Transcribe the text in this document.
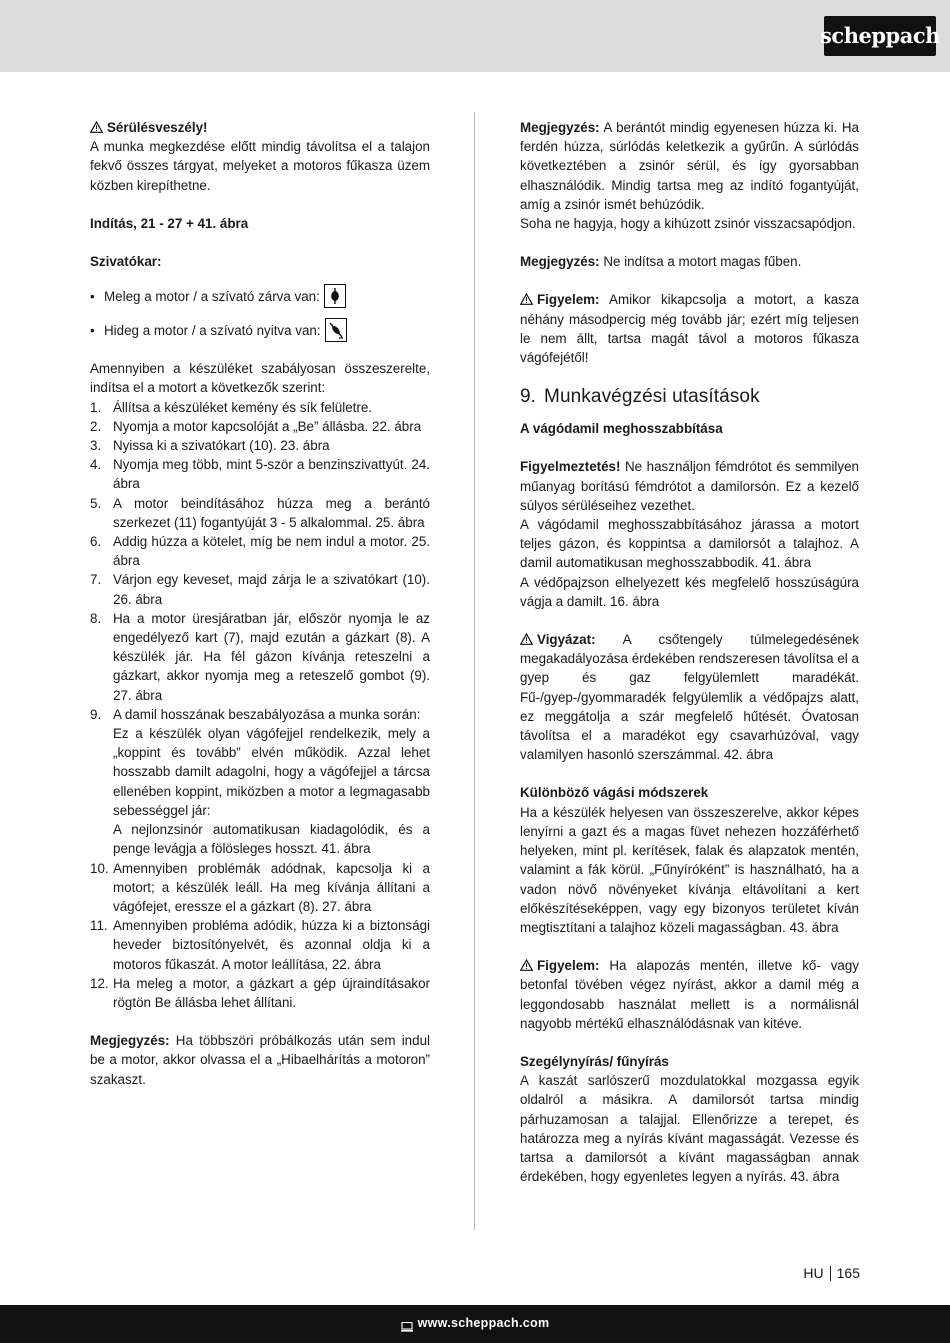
scheppach

Sérülésveszély!
A munka megkezdése előtt mindig távolítsa el a talajon fekvő összes tárgyat, melyeket a motoros fűkasza üzem közben kirepíthetne.

Indítás, 21 - 27 + 41. ábra

Szivatókar:

• Meleg a motor / a szívató zárva van:
• Hideg a motor / a szívató nyitva van:

Amennyiben a készüléket szabályosan összeszerelte, indítsa el a motort a következők szerint:

1. Állítsa a készüléket kemény és sík felületre.
2. Nyomja a motor kapcsolóját a „Be” állásba. 22. ábra
3. Nyissa ki a szivatókart (10). 23. ábra
4. Nyomja meg több, mint 5-ször a benzinszivattyút. 24. ábra
5. A motor beindításához húzza meg a berántó szerkezet (11) fogantyúját 3 - 5 alkalommal. 25. ábra
6. Addig húzza a kötelet, míg be nem indul a motor. 25. ábra
7. Várjon egy keveset, majd zárja le a szivatókart (10). 26. ábra
8. Ha a motor üresjáratban jár, először nyomja le az engedélyező kart (7), majd ezután a gázkart (8). A készülék jár. Ha fél gázon kívánja reteszelni a gázkart, akkor nyomja meg a reteszelő gombot (9). 27. ábra
9. A damil hosszának beszabályozása a munka során:
Ez a készülék olyan vágófejjel rendelkezik, mely a „koppint és tovább” elvén működik. Azzal lehet hosszabb damilt adagolni, hogy a vágófejjel a tárcsa ellenében koppint, miközben a motor a legmagasabb sebességgel jár:
A nejlonzsinór automatikusan kiadagolódik, és a penge levágja a fölösleges hosszt. 41. ábra
10. Amennyiben problémák adódnak, kapcsolja ki a motort; a készülék leáll. Ha meg kívánja állítani a vágófejet, eressze el a gázkart (8). 27. ábra
11. Amennyiben probléma adódik, húzza ki a biztonsági heveder biztosítónyelvét, és azonnal oldja ki a motoros fűkaszát. A motor leállítása, 22. ábra
12. Ha meleg a motor, a gázkart a gép újraindításakor rögtön Be állásba lehet állítani.

Megjegyzés: Ha többszöri próbálkozás után sem indul be a motor, akkor olvassa el a „Hibaelhárítás a motoron” szakaszt.

Megjegyzés: A berántót mindig egyenesen húzza ki. Ha ferdén húzza, súrlódás keletkezik a gyűrűn. A súrlódás következtében a zsinór sérül, és így gyorsabban elhasználódik. Mindig tartsa meg az indító fogantyúját, amíg a zsinór ismét behúzódik.

Soha ne hagyja, hogy a kihúzott zsinór visszacsapódjon.

Megjegyzés: Ne indítsa a motort magas fűben.

Figyelem: Amikor kikapcsolja a motort, a kasza néhány másodpercig még tovább jár; ezért míg teljesen le nem állt, tartsa magát távol a motoros fűkasza vágófejétől!

9. Munkavégzési utasítások
A vágódamil meghosszabbítása

Figyelmeztetés! Ne használjon fémdrótot és semmilyen műanyag borítású fémdrótot a damilorsón. Ez a kezelő súlyos sérüléseihez vezethet.

A vágódamil meghosszabbításához járassa a motort teljes gázon, és koppintsa a damilorsót a talajhoz. A damil automatikusan meghosszabbodik. 41. ábra

A védőpajzson elhelyezett kés megfelelő hosszúságúra vágja a damilt. 16. ábra

Vigyázat: A csőtengely túlmelegedésének megakadályozása érdekében rendszeresen távolítsa el a gyep és gaz felgyülemlett maradékát. Fű-/gyep-/gyommaradék felgyülemlik a védőpajzs alatt, ez meggátolja a szár megfelelő hűtését. Óvatosan távolítsa el a maradékot egy csavarhúzóval, vagy valamilyen hasonló szerszámmal. 42. ábra

Különböző vágási módszerek

Ha a készülék helyesen van összeszerelve, akkor képes lenyírni a gazt és a magas füvet nehezen hozzáférhető helyeken, mint pl. kerítések, falak és alapzatok mentén, valamint a fák körül. „Fűnyíróként” is használható, ha a vadon növő növényeket kívánja eltávolítani a kert előkészítéseképpen, vagy egy bizonyos területet kíván megtisztítani a talajhoz közeli magasságban. 43. ábra

Figyelem: Ha alapozás mentén, illetve kő- vagy betonfal tövében végez nyírást, akkor a damil még a leggondosabb használat mellett is a normálisnál nagyobb mértékű elhasználódásnak van kitéve.

Szegélynyírás/ fűnyírás

A kaszát sarlószerű mozdulatokkal mozgassa egyik oldalról a másikra. A damilorsót tartsa mindig párhuzamosan a talajjal. Ellenőrizze a terepet, és határozza meg a nyírás kívánt magasságát. Vezesse és tartsa a damilorsót a kívánt magasságban annak érdekében, hogy egyenletes legyen a nyírás. 43. ábra

HU 165
www.scheppach.com
